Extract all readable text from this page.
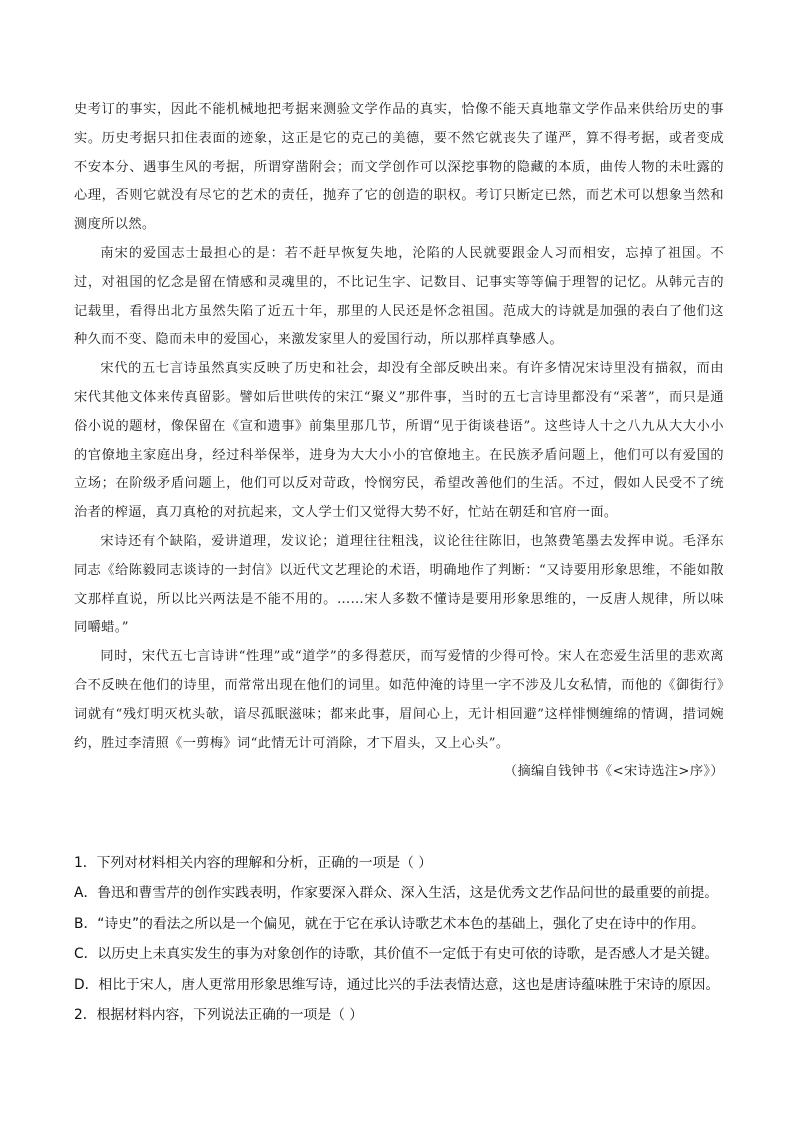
史考订的事实，因此不能机械地把考据来测验文学作品的真实，恰像不能天真地靠文学作品来供给历史的事实。历史考据只扣住表面的迹象，这正是它的克己的美德，要不然它就丧失了谨严，算不得考据，或者变成不安本分、遇事生风的考据，所谓穿凿附会；而文学创作可以深挖事物的隐藏的本质，曲传人物的未吐露的心理，否则它就没有尽它的艺术的责任，抛弃了它的创造的职权。考订只断定已然，而艺术可以想象当然和测度所以然。

南宋的爱国志士最担心的是：若不赶早恢复失地，沦陷的人民就要跟金人习而相安，忘掉了祖国。不过，对祖国的忆念是留在情感和灵魂里的，不比记生字、记数目、记事实等等偏于理智的记忆。从韩元吉的记载里，看得出北方虽然失陷了近五十年，那里的人民还是怀念祖国。范成大的诗就是加强的表白了他们这种久而不变、隐而未申的爱国心，来激发家里人的爱国行动，所以那样真挚感人。

宋代的五七言诗虽然真实反映了历史和社会，却没有全部反映出来。有许多情况宋诗里没有描叙，而由宋代其他文体来传真留影。譬如后世哄传的宋江“聚义”那件事，当时的五七言诗里都没有“采著”，而只是通俗小说的题材，像保留在《宣和遗事》前集里那几节，所谓“见于街谈巷语”。这些诗人十之八九从大大小小的官僚地主家庭出身，经过科举保举，进身为大大小小的官僚地主。在民族矛盾问题上，他们可以有爱国的立场；在阶级矛盾问题上，他们可以反对苛政，怜悯穷民，希望改善他们的生活。不过，假如人民受不了统治者的榨逼，真刀真枪的对抗起来，文人学士们又觉得大势不好，忙站在朝廷和官府一面。

宋诗还有个缺陷，爱讲道理，发议论；道理往往粗浅，议论往往陈旧，也煞费笔墨去发挥申说。毛泽东同志《给陈毅同志谈诗的一封信》以近代文艺理论的术语，明确地作了判断：“又诗要用形象思维，不能如散文那样直说，所以比兴两法是不能不用的。……宋人多数不懂诗是要用形象思维的，一反唐人规律，所以味同嚼蜡。”

同时，宋代五七言诗讲“性理”或“道学”的多得惹厌，而写爱情的少得可怜。宋人在恋爱生活里的悲欢离合不反映在他们的诗里，而常常出现在他们的词里。如范仲淹的诗里一字不涉及儿女私情，而他的《御街行》词就有“残灯明灭枕头欹，谙尽孤眠滋味；都来此事，眉间心上，无计相回避”这样悱恻缠绵的情调，措词婉约，胜过李清照《一剪梅》词“此情无计可消除，才下眉头，又上心头”。

（摘编自钱钟书《<宋诗选注>序》）

1．下列对材料相关内容的理解和分析，正确的一项是（ ）
A．鲁迅和曹雪芹的创作实践表明，作家要深入群众、深入生活，这是优秀文艺作品问世的最重要的前提。
B．“诗史”的看法之所以是一个偏见，就在于它在承认诗歌艺术本色的基础上，强化了史在诗中的作用。
C．以历史上未真实发生的事为对象创作的诗歌，其价值不一定低于有史可依的诗歌，是否感人才是关键。
D．相比于宋人，唐人更常用形象思维写诗，通过比兴的手法表情达意，这也是唐诗蕴味胜于宋诗的原因。
2．根据材料内容，下列说法正确的一项是（ ）
